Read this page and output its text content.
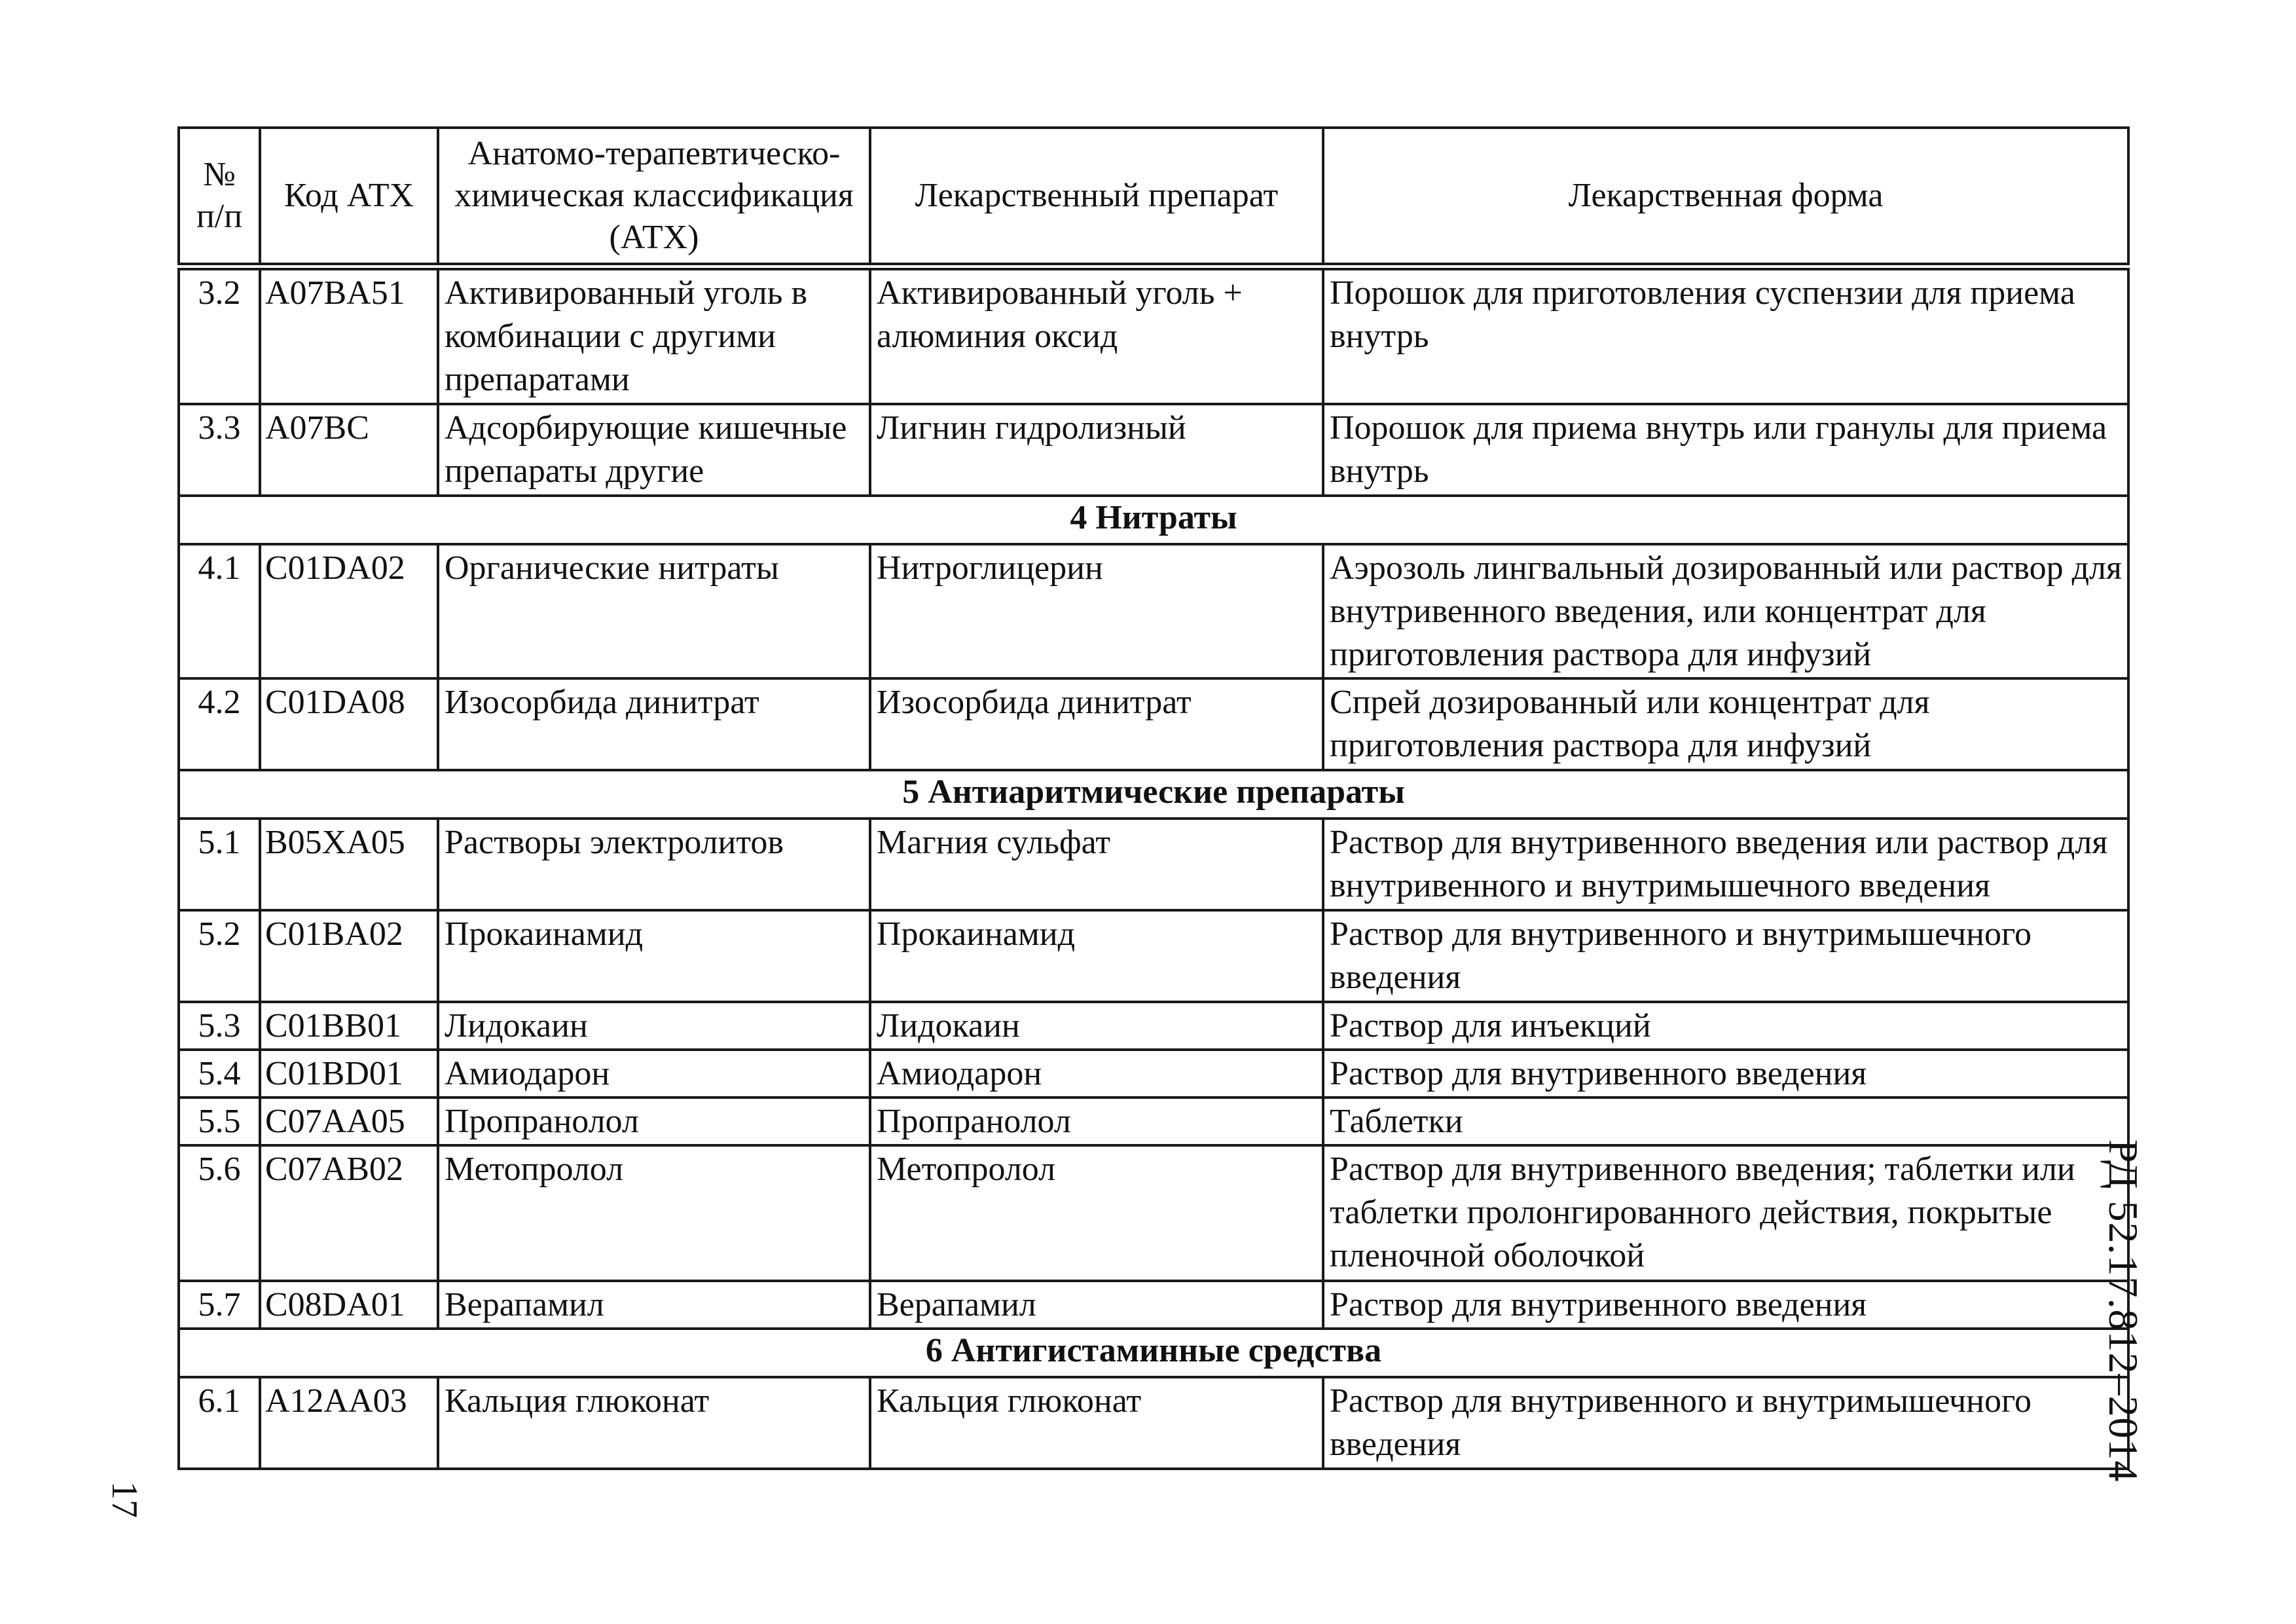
№ п/п	Код АТХ	Анатомо-терапевтическо-химическая классификация (АТХ)	Лекарственный препарат	Лекарственная форма
3.2	A07BA51	Активированный уголь в комбинации с другими препаратами	Активированный уголь + алюминия оксид	Порошок для приготовления суспензии для приема внутрь
3.3	A07BC	Адсорбирующие кишечные препараты другие	Лигнин гидролизный	Порошок для приема внутрь или гранулы для приема внутрь
4 Нитраты				
4.1	C01DA02	Органические нитраты	Нитроглицерин	Аэрозоль лингвальный дозированный или раствор для внутривенного введения, или концентрат для приготовления раствора для инфузий
4.2	C01DA08	Изосорбида динитрат	Изосорбида динитрат	Спрей дозированный или концентрат для приготовления раствора для инфузий
5 Антиаритмические препараты				
5.1	B05XA05	Растворы электролитов	Магния сульфат	Раствор для внутривенного введения или раствор для внутривенного и внутримышечного введения
5.2	C01BA02	Прокаинамид	Прокаинамид	Раствор для внутривенного и внутримышечного введения
5.3	C01BB01	Лидокаин	Лидокаин	Раствор для инъекций
5.4	C01BD01	Амиодарон	Амиодарон	Раствор для внутривенного введения
5.5	C07AA05	Пропранолол	Пропранолол	Таблетки
5.6	C07AB02	Метопролол	Метопролол	Раствор для внутривенного введения; таблетки или таблетки пролонгированного действия, покрытые пленочной оболочкой
5.7	C08DA01	Верапамил	Верапамил	Раствор для внутривенного введения
6 Антигистаминные средства				
6.1	A12AA03	Кальция глюконат	Кальция глюконат	Раствор для внутривенного и внутримышечного введения
17
РД 52.17.812–2014
